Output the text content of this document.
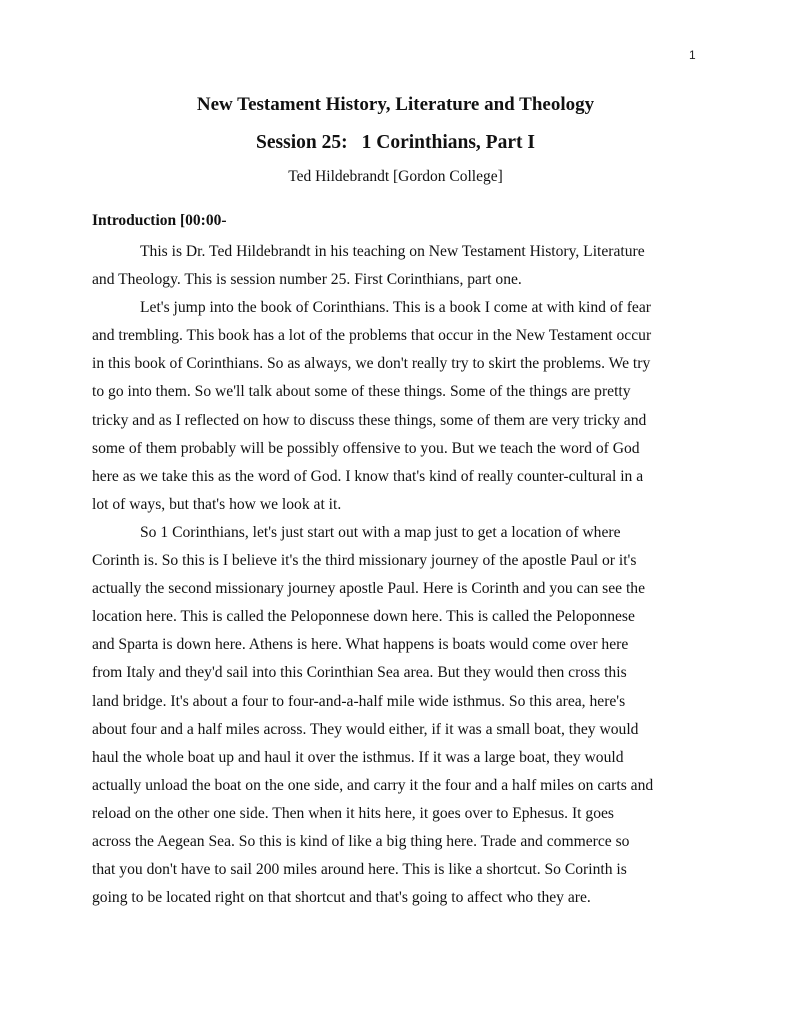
1
New Testament History, Literature and Theology
Session 25: 1 Corinthians, Part I
Ted Hildebrandt [Gordon College]
Introduction [00:00-
This is Dr. Ted Hildebrandt in his teaching on New Testament History, Literature
and Theology. This is session number 25. First Corinthians, part one.
Let's jump into the book of Corinthians. This is a book I come at with kind of fear
and trembling. This book has a lot of the problems that occur in the New Testament occur
in this book of Corinthians. So as always, we don't really try to skirt the problems. We try
to go into them. So we'll talk about some of these things. Some of the things are pretty
tricky and as I reflected on how to discuss these things, some of them are very tricky and
some of them probably will be possibly offensive to you. But we teach the word of God
here as we take this as the word of God. I know that's kind of really counter-cultural in a
lot of ways, but that's how we look at it.
So 1 Corinthians, let's just start out with a map just to get a location of where
Corinth is. So this is I believe it's the third missionary journey of the apostle Paul or it's
actually the second missionary journey apostle Paul. Here is Corinth and you can see the
location here. This is called the Peloponnese down here. This is called the Peloponnese
and Sparta is down here. Athens is here. What happens is boats would come over here
from Italy and they'd sail into this Corinthian Sea area. But they would then cross this
land bridge. It's about a four to four-and-a-half mile wide isthmus. So this area, here's
about four and a half miles across. They would either, if it was a small boat, they would
haul the whole boat up and haul it over the isthmus. If it was a large boat, they would
actually unload the boat on the one side, and carry it the four and a half miles on carts and
reload on the other one side. Then when it hits here, it goes over to Ephesus. It goes
across the Aegean Sea. So this is kind of like a big thing here. Trade and commerce so
that you don't have to sail 200 miles around here. This is like a shortcut. So Corinth is
going to be located right on that shortcut and that's going to affect who they are.
